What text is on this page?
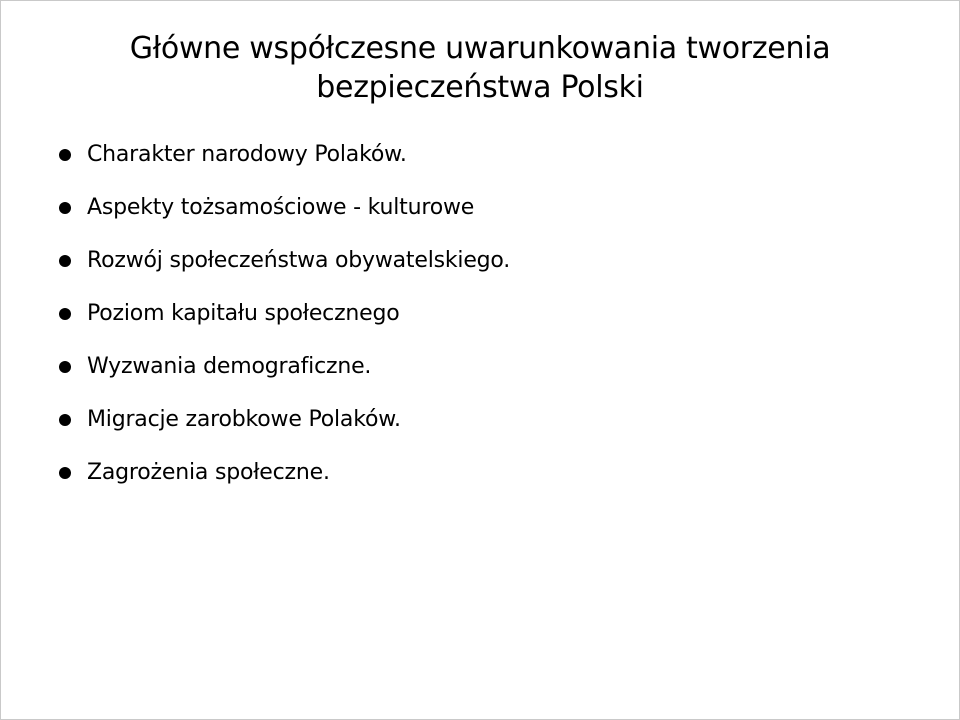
Główne współczesne uwarunkowania tworzenia
bezpieczeństwa Polski
Charakter narodowy Polaków.
Aspekty tożsamościowe - kulturowe
Rozwój społeczeństwa obywatelskiego.
Poziom kapitału społecznego
Wyzwania demograficzne.
Migracje zarobkowe Polaków.
Zagrożenia społeczne.
